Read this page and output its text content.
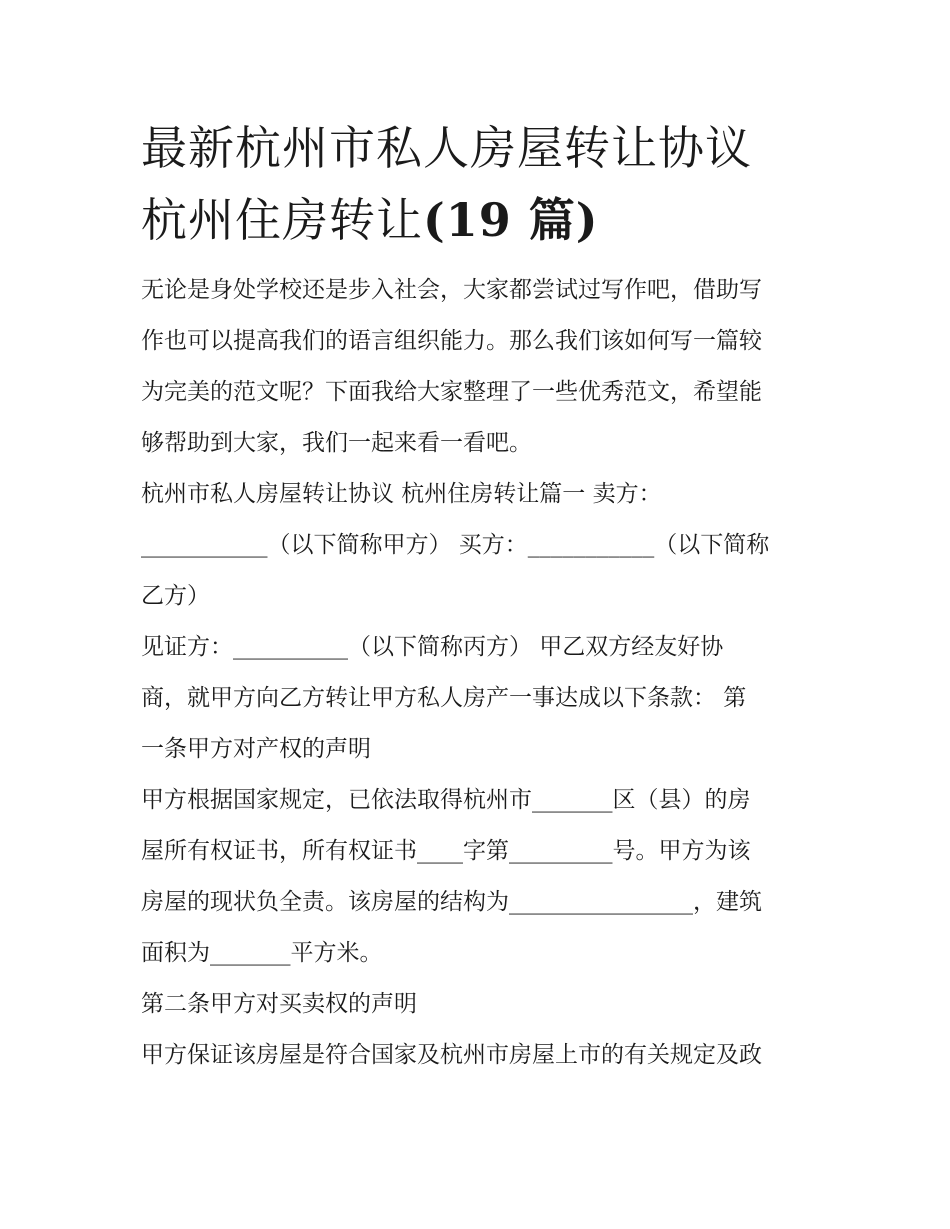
最新杭州市私人房屋转让协议
杭州住房转让(19 篇)

无论是身处学校还是步入社会，大家都尝试过写作吧，借助写
作也可以提高我们的语言组织能力。那么我们该如何写一篇较
为完美的范文呢？下面我给大家整理了一些优秀范文，希望能
够帮助到大家，我们一起来看一看吧。

杭州市私人房屋转让协议 杭州住房转让篇一 卖方：
___________（以下简称甲方） 买方：___________（以下简称
乙方）

见证方：__________（以下简称丙方） 甲乙双方经友好协
商，就甲方向乙方转让甲方私人房产一事达成以下条款： 第
一条甲方对产权的声明

甲方根据国家规定，已依法取得杭州市_______区（县）的房
屋所有权证书，所有权证书____字第_________号。甲方为该
房屋的现状负全责。该房屋的结构为________________，建筑
面积为_______平方米。

第二条甲方对买卖权的声明

甲方保证该房屋是符合国家及杭州市房屋上市的有关规定及政
